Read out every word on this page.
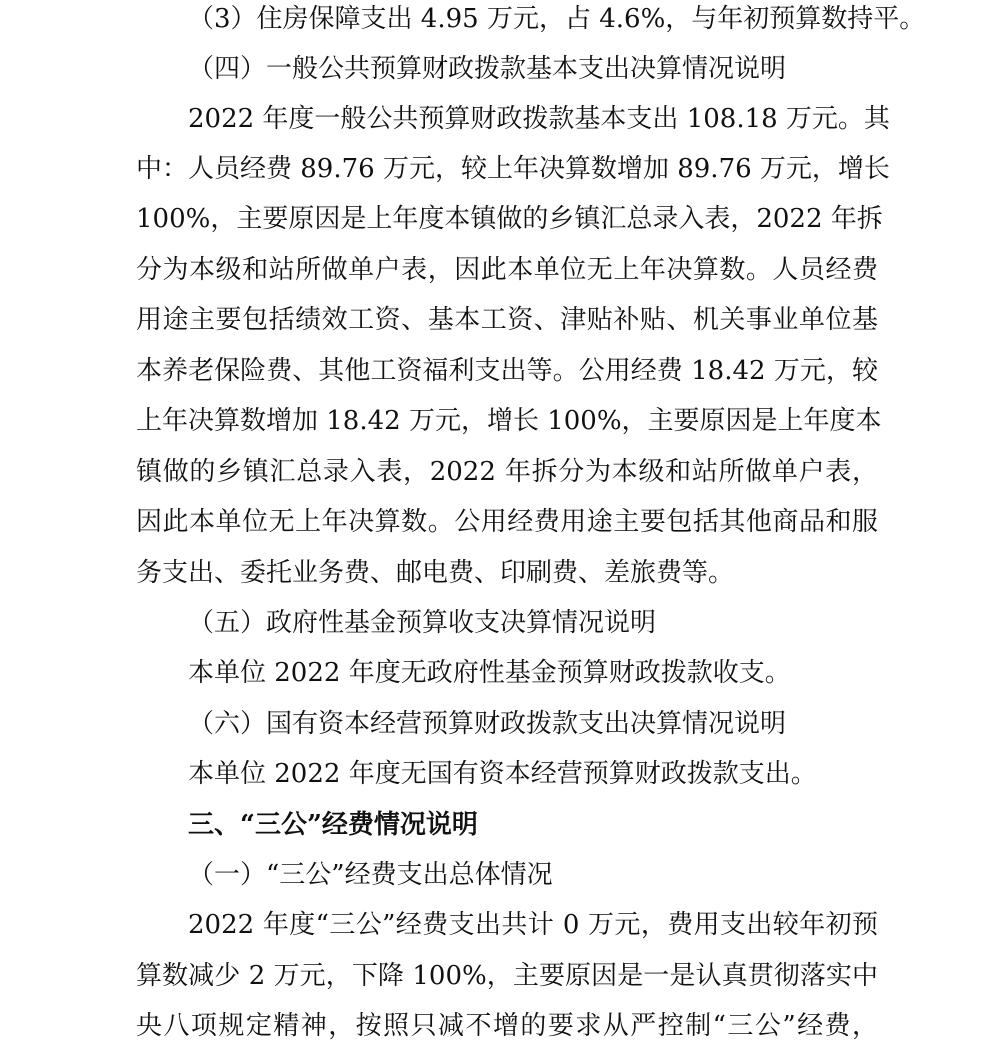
（3）住房保障支出 4.95 万元，占 4.6%，与年初预算数持平。
（四）一般公共预算财政拨款基本支出决算情况说明
2022 年度一般公共预算财政拨款基本支出 108.18 万元。其
中：人员经费 89.76 万元，较上年决算数增加 89.76 万元，增长
100%，主要原因是上年度本镇做的乡镇汇总录入表，2022 年拆
分为本级和站所做单户表，因此本单位无上年决算数。人员经费
用途主要包括绩效工资、基本工资、津贴补贴、机关事业单位基
本养老保险费、其他工资福利支出等。公用经费 18.42 万元，较
上年决算数增加 18.42 万元，增长 100%，主要原因是上年度本
镇做的乡镇汇总录入表，2022 年拆分为本级和站所做单户表，
因此本单位无上年决算数。公用经费用途主要包括其他商品和服
务支出、委托业务费、邮电费、印刷费、差旅费等。
（五）政府性基金预算收支决算情况说明
本单位 2022 年度无政府性基金预算财政拨款收支。
（六）国有资本经营预算财政拨款支出决算情况说明
本单位 2022 年度无国有资本经营预算财政拨款支出。
三、“三公”经费情况说明
（一）“三公”经费支出总体情况
2022 年度“三公”经费支出共计 0 万元，费用支出较年初预
算数减少 2 万元，下降 100%，主要原因是一是认真贯彻落实中
央八项规定精神，按照只减不增的要求从严控制“三公”经费，
